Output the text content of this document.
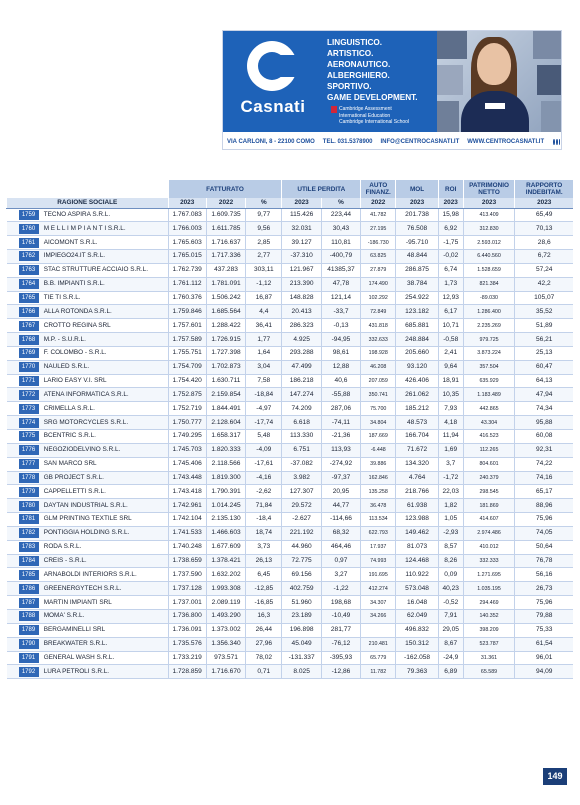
Casnati
LINGUISTICO.
ARTISTICO.
AERONAUTICO.
ALBERGHIERO.
SPORTIVO.
GAME DEVELOPMENT.
Cambridge Assessment
International Education
Cambridge International School
VIA CARLONI, 8 - 22100 COMO TEL. 031.5378900 INFO@CENTROCASNATI.IT WWW.CENTROCASNATI.IT
		FATTURATO			UTILE PERDITA		AUTO FINANZ.	MOL	ROI	PATRIMONIO NETTO	RAPPORTO INDEBITAM.
RAGIONE SOCIALE		2023	2022	%	2023	%	2022	2023	2023	2023	2023

1759	TECNO ASPIRA S.R.L.	1.767.083	1.609.735	9,77	115.426	223,44	41.782	201.738	15,98	413.409	65,49

1760	M E L L I M P I A N T I S.R.L.	1.766.003	1.611.785	9,56	32.031	30,43	27.195	76.508	6,92	312.830	70,13

1761	AICOMONT S.R.L.	1.765.603	1.716.637	2,85	39.127	110,81	-186.730	-95.710	-1,75	2.593.012	28,6

1762	IMPIEGO24.IT S.R.L.	1.765.015	1.717.336	2,77	-37.310	-400,79	63.825	48.844	-0,02	6.440.560	6,72

1763	STAC STRUTTURE ACCIAIO S.R.L.	1.762.739	437.283	303,11	121.967	41385,37	27.879	286.875	6,74	1.528.659	57,24

1764	B.B. IMPIANTI S.R.L.	1.761.112	1.781.091	-1,12	213.390	47,78	174.490	38.784	1,73	821.384	42,2

1765	TIE TI S.R.L.	1.760.376	1.506.242	16,87	148.828	121,14	102.292	254.922	12,93	-89.030	105,07

1766	ALLA ROTONDA S.R.L.	1.759.846	1.685.564	4,4	20.413	-33,7	72.849	123.182	6,17	1.286.400	35,52

1767	CROTTO REGINA SRL	1.757.601	1.288.422	36,41	286.323	-0,13	431.818	685.881	10,71	2.235.269	51,89

1768	M.P. - S.U.R.L.	1.757.589	1.726.915	1,77	4.925	-94,95	332.633	248.884	-0,58	979.725	56,21

1769	F. COLOMBO - S.R.L.	1.755.751	1.727.398	1,64	293.288	98,61	198.928	205.660	2,41	3.873.224	25,13

1770	NAULED S.R.L.	1.754.709	1.702.873	3,04	47.499	12,88	46.208	93.120	9,64	357.504	60,47

1771	LARIO EASY V.I. SRL	1.754.420	1.630.711	7,58	186.218	40,6	207.059	426.406	18,91	635.929	64,13

1772	ATENA INFORMATICA S.R.L.	1.752.875	2.159.854	-18,84	147.274	-55,88	350.741	261.062	10,35	1.183.489	47,94

1773	CRIMELLA S.R.L.	1.752.719	1.844.491	-4,97	74.209	287,06	75.700	185.212	7,93	442.865	74,34

1774	SRG MOTORCYCLES S.R.L.	1.750.777	2.128.604	-17,74	6.618	-74,11	34.804	48.573	4,18	43.304	95,88

1775	BCENTRIC S.R.L.	1.749.295	1.658.317	5,48	113.330	-21,36	187.669	166.704	11,94	416.523	60,08

1776	NEGOZIODELVINO S.R.L.	1.745.703	1.820.333	-4,09	6.751	113,93	-6.448	71.672	1,69	112.265	92,31

1777	SAN MARCO SRL	1.745.406	2.118.566	-17,61	-37.082	-274,92	39.886	134.320	3,7	804.601	74,22

1778	GB PROJECT S.R.L.	1.743.448	1.819.300	-4,16	3.982	-97,37	162.846	4.764	-1,72	240.379	74,16

1779	CAPPELLETTI S.R.L.	1.743.418	1.790.391	-2,62	127.307	20,95	135.258	218.766	22,03	298.545	65,17

1780	DAYTAN INDUSTRIAL S.R.L.	1.742.961	1.014.245	71,84	29.572	44,77	36.478	61.938	1,82	181.869	88,96

1781	GLM PRINTING TEXTILE SRL	1.742.104	2.135.130	-18,4	-2.627	-114,66	113.534	123.988	1,05	414.607	75,96

1782	PONTIGGIA HOLDING S.R.L.	1.741.533	1.466.603	18,74	221.192	68,32	622.793	149.462	-2,93	2.974.486	74,05

1783	RODA S.R.L.	1.740.248	1.677.609	3,73	44.960	464,46	17.937	81.073	8,57	410.012	50,64

1784	CREIS - S.R.L.	1.738.659	1.378.421	26,13	72.775	0,97	74.993	124.468	8,26	332.333	76,78

1785	ARNABOLDI INTERIORS S.R.L.	1.737.590	1.632.202	6,45	69.156	3,27	191.695	110.922	0,09	1.271.695	56,16

1786	GREENERGYTECH S.R.L.	1.737.128	1.993.308	-12,85	402.759	-1,22	412.274	573.048	40,23	1.035.195	26,73

1787	MARTIN IMPIANTI SRL	1.737.001	2.089.119	-16,85	51.960	198,68	34.307	16.048	-0,52	294.469	75,96

1788	MOMA' S.R.L.	1.736.800	1.493.290	16,3	23.189	-10,49	34.266	62.049	7,91	140.352	79,88

1789	BERGAMINELLI SRL	1.736.091	1.373.002	26,44	196.898	281,77		496.832	29,05	398.209	75,33

1790	BREAKWATER S.R.L.	1.735.576	1.356.340	27,96	45.049	-76,12	210.481	150.312	8,67	523.787	61,54

1791	GENERAL WASH S.R.L.	1.733.219	973.571	78,02	-131.337	-395,93	65.779	-162.058	-24,9	31.361	96,01

1792	LURA PETROLI S.R.L.	1.728.859	1.716.670	0,71	8.025	-12,86	11.782	79.363	6,89	65.589	94,09
149
